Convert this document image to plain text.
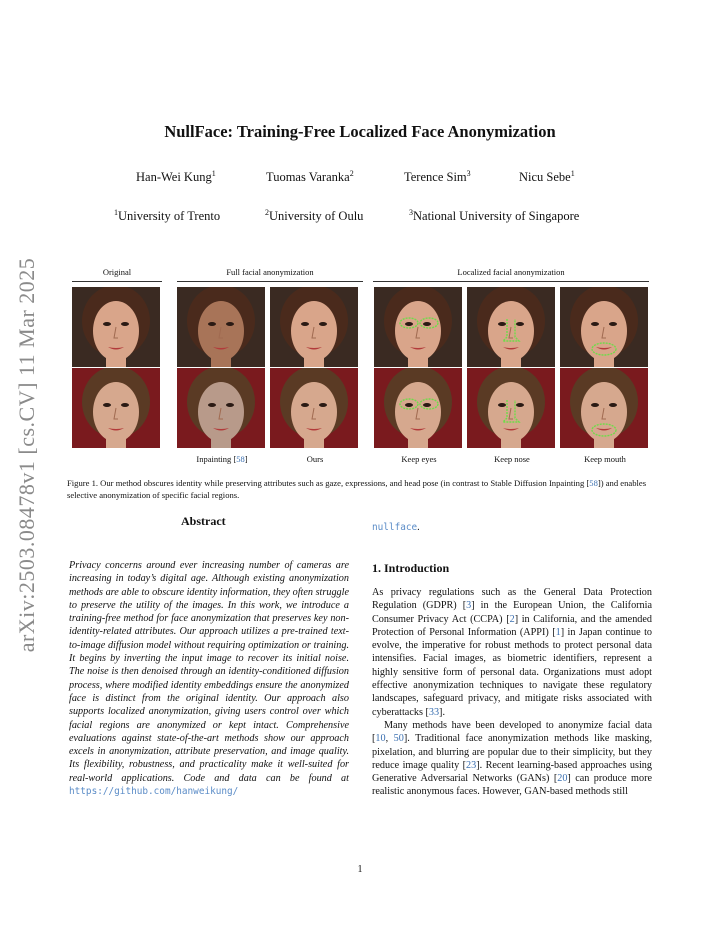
arXiv:2503.08478v1 [cs.CV] 11 Mar 2025
NullFace: Training-Free Localized Face Anonymization
Han-Wei Kung$^1$	Tuomas Varanka$^2$	Terence Sim$^3$	Nicu Sebe$^1$
$^1$University of Trento	$^2$University of Oulu	$^3$National University of Singapore
Original	Full facial anonymization	Localized facial anonymization
Inpainting [58]	Ours	Keep eyes	Keep nose	Keep mouth
Figure 1. Our method obscures identity while preserving attributes such as gaze, expressions, and head pose (in contrast to Stable Diffusion Inpainting [58]) and enables selective anonymization of specific facial regions.
Abstract
Privacy concerns around ever increasing number of cameras are increasing in today’s digital age. Although existing anonymization methods are able to obscure identity information, they often struggle to preserve the utility of the images. In this work, we introduce a training-free method for face anonymization that preserves key non-identity-related attributes. Our approach utilizes a pre-trained text-to-image diffusion model without requiring optimization or training. It begins by inverting the input image to recover its initial noise. The noise is then denoised through an identity-conditioned diffusion process, where modified identity embeddings ensure the anonymized face is distinct from the original identity. Our approach also supports localized anonymization, giving users control over which facial regions are anonymized or kept intact. Comprehensive evaluations against state-of-the-art methods show our approach excels in anonymization, attribute preservation, and image quality. Its flexibility, robustness, and practicality make it well-suited for real-world applications. Code and data can be found at https://github.com/hanweikung/
nullface.
1. Introduction

As privacy regulations such as the General Data Protection Regulation (GDPR) [3] in the European Union, the California Consumer Privacy Act (CCPA) [2] in California, and the amended Protection of Personal Information (APPI) [1] in Japan continue to evolve, the imperative for robust methods to protect personal data intensifies. Facial images, as biometric identifiers, represent a highly sensitive form of personal data. Organizations must adopt effective anonymization techniques to navigate these regulatory landscapes, safeguard privacy, and mitigate risks associated with cyberattacks [33].

Many methods have been developed to anonymize facial data [10, 50]. Traditional face anonymization methods like masking, pixelation, and blurring are popular due to their simplicity, but they reduce image quality [23]. Recent learning-based approaches using Generative Adversarial Networks (GANs) [20] can produce more realistic anonymous faces. However, GAN-based methods still

1
